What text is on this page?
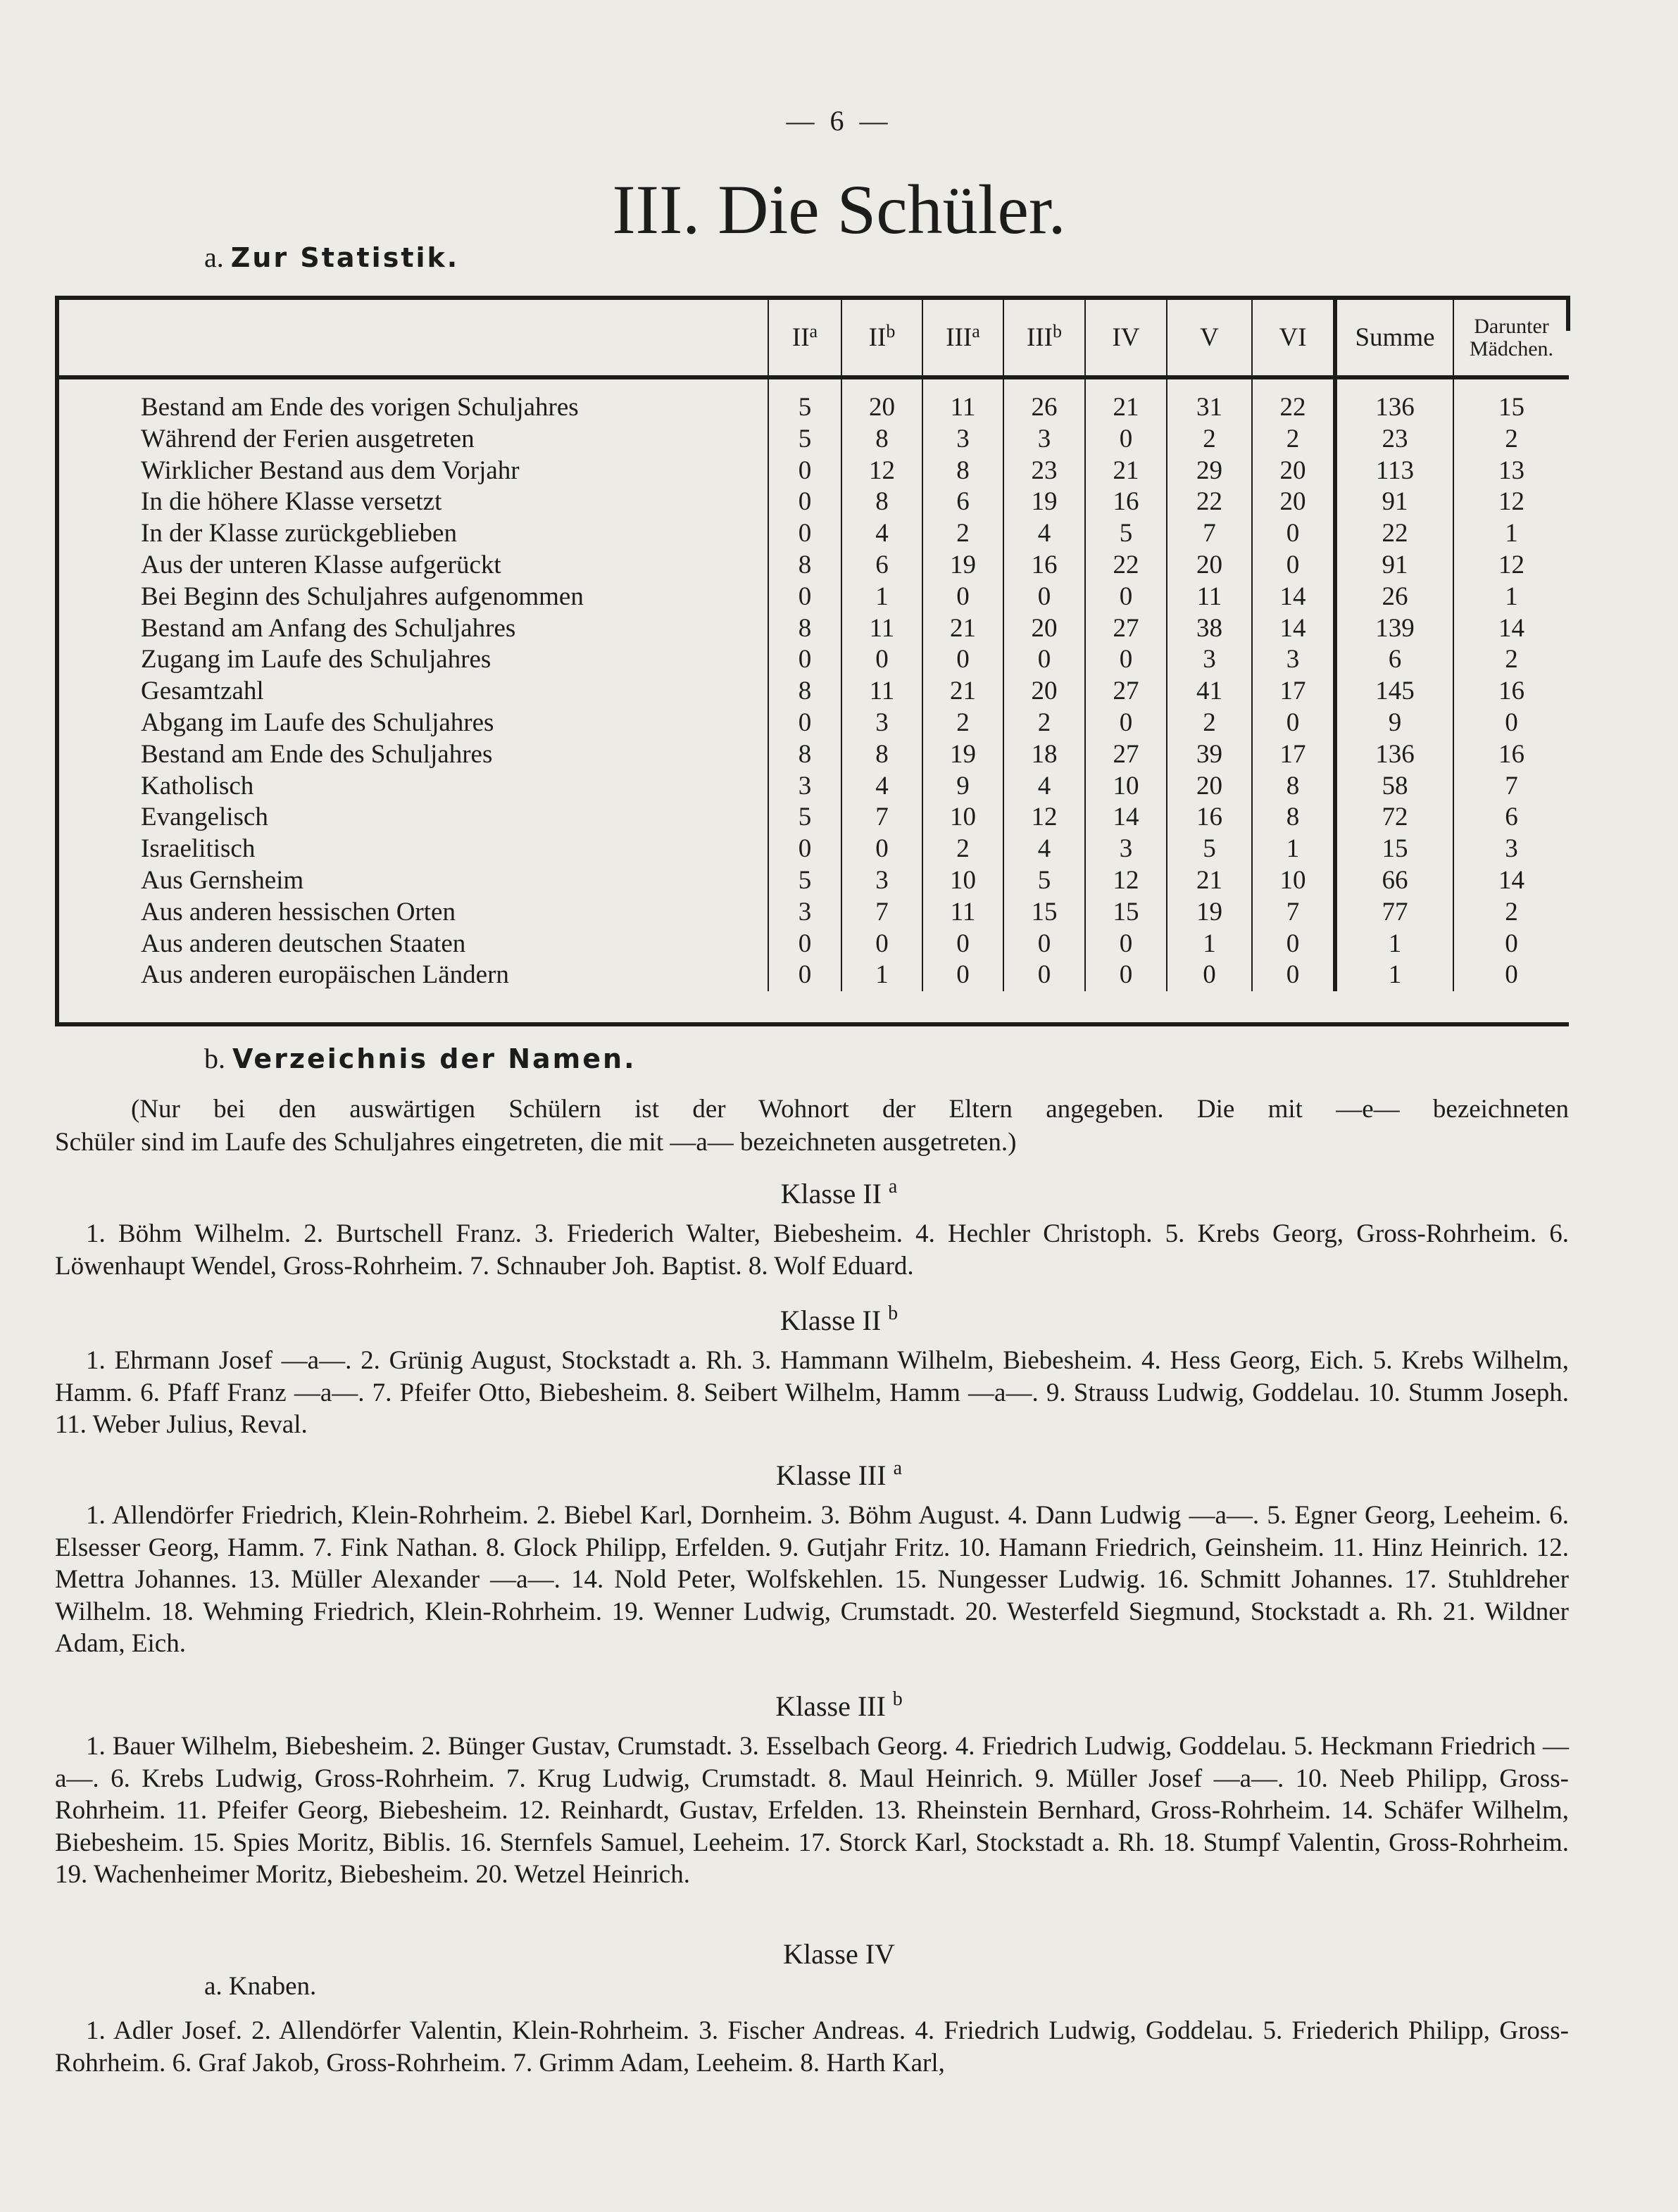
— 6 —
III. Die Schüler.
a. Zur Statistik.
	$II^a$	$II^b$	III$^a$	III$^b$	IV	V	VI	Summe	Darunter
Mädchen.

Bestand am Ende des vorigen Schuljahres	5	20	11	26	21	31	22	136	15
Während der Ferien ausgetreten	5	8	3	3	0	2	2	23	2
Wirklicher Bestand aus dem Vorjahr	0	12	8	23	21	29	20	113	13
In die höhere Klasse versetzt	0	8	6	19	16	22	20	91	12
In der Klasse zurückgeblieben	0	4	2	4	5	7	0	22	1
Aus der unteren Klasse aufgerückt	8	6	19	16	22	20	0	91	12
Bei Beginn des Schuljahres aufgenommen	0	1	0	0	0	11	14	26	1
Bestand am Anfang des Schuljahres	8	11	21	20	27	38	14	139	14
Zugang im Laufe des Schuljahres	0	0	0	0	0	3	3	6	2
Gesamtzahl	8	11	21	20	27	41	17	145	16
Abgang im Laufe des Schuljahres	0	3	2	2	0	2	0	9	0
Bestand am Ende des Schuljahres	8	8	19	18	27	39	17	136	16
Katholisch	3	4	9	4	10	20	8	58	7
Evangelisch	5	7	10	12	14	16	8	72	6
Israelitisch	0	0	2	4	3	5	1	15	3
Aus Gernsheim	5	3	10	5	12	21	10	66	14
Aus anderen hessischen Orten	3	7	11	15	15	19	7	77	2
Aus anderen deutschen Staaten	0	0	0	0	0	1	0	1	0
Aus anderen europäischen Ländern	0	1	0	0	0	0	0	1	0
b. Verzeichnis der Namen.
(Nur bei den auswärtigen Schülern ist der Wohnort der Eltern angegeben. Die mit —e— bezeichneten
Schüler sind im Laufe des Schuljahres eingetreten, die mit —a— bezeichneten ausgetreten.)
Klasse II $^a$

1. Böhm Wilhelm. 2. Burtschell Franz. 3. Friederich Walter, Biebesheim. 4. Hechler Christoph. 5. Krebs Georg, Gross-Rohrheim. 6. Löwenhaupt Wendel, Gross-Rohrheim. 7. Schnauber Joh. Baptist. 8. Wolf Eduard.

Klasse II $^b$

1. Ehrmann Josef —a—. 2. Grünig August, Stockstadt a. Rh. 3. Hammann Wilhelm, Biebesheim. 4. Hess Georg, Eich. 5. Krebs Wilhelm, Hamm. 6. Pfaff Franz —a—. 7. Pfeifer Otto, Biebesheim. 8. Seibert Wilhelm, Hamm —a—. 9. Strauss Ludwig, Goddelau. 10. Stumm Joseph. 11. Weber Julius, Reval.

Klasse III $^a$

1. Allendörfer Friedrich, Klein-Rohrheim. 2. Biebel Karl, Dornheim. 3. Böhm August. 4. Dann Ludwig —a—. 5. Egner Georg, Leeheim. 6. Elsesser Georg, Hamm. 7. Fink Nathan. 8. Glock Philipp, Erfelden. 9. Gutjahr Fritz. 10. Hamann Friedrich, Geinsheim. 11. Hinz Heinrich. 12. Mettra Johannes. 13. Müller Alexander —a—. 14. Nold Peter, Wolfskehlen. 15. Nungesser Ludwig. 16. Schmitt Johannes. 17. Stuhldreher Wilhelm. 18. Wehming Friedrich, Klein-Rohrheim. 19. Wenner Ludwig, Crumstadt. 20. Westerfeld Siegmund, Stockstadt a. Rh. 21. Wildner Adam, Eich.

Klasse III $^b$

1. Bauer Wilhelm, Biebesheim. 2. Bünger Gustav, Crumstadt. 3. Esselbach Georg. 4. Friedrich Ludwig, Goddelau. 5. Heckmann Friedrich —a—. 6. Krebs Ludwig, Gross-Rohrheim. 7. Krug Ludwig, Crumstadt. 8. Maul Heinrich. 9. Müller Josef —a—. 10. Neeb Philipp, Gross-Rohrheim. 11. Pfeifer Georg, Biebesheim. 12. Reinhardt, Gustav, Erfelden. 13. Rheinstein Bernhard, Gross-Rohrheim. 14. Schäfer Wilhelm, Biebesheim. 15. Spies Moritz, Biblis. 16. Sternfels Samuel, Leeheim. 17. Storck Karl, Stockstadt a. Rh. 18. Stumpf Valentin, Gross-Rohrheim. 19. Wachenheimer Moritz, Biebesheim. 20. Wetzel Heinrich.

Klasse IV
a. Knaben.

1. Adler Josef. 2. Allendörfer Valentin, Klein-Rohrheim. 3. Fischer Andreas. 4. Friedrich Ludwig, Goddelau. 5. Friederich Philipp, Gross-Rohrheim. 6. Graf Jakob, Gross-Rohrheim. 7. Grimm Adam, Leeheim. 8. Harth Karl,
